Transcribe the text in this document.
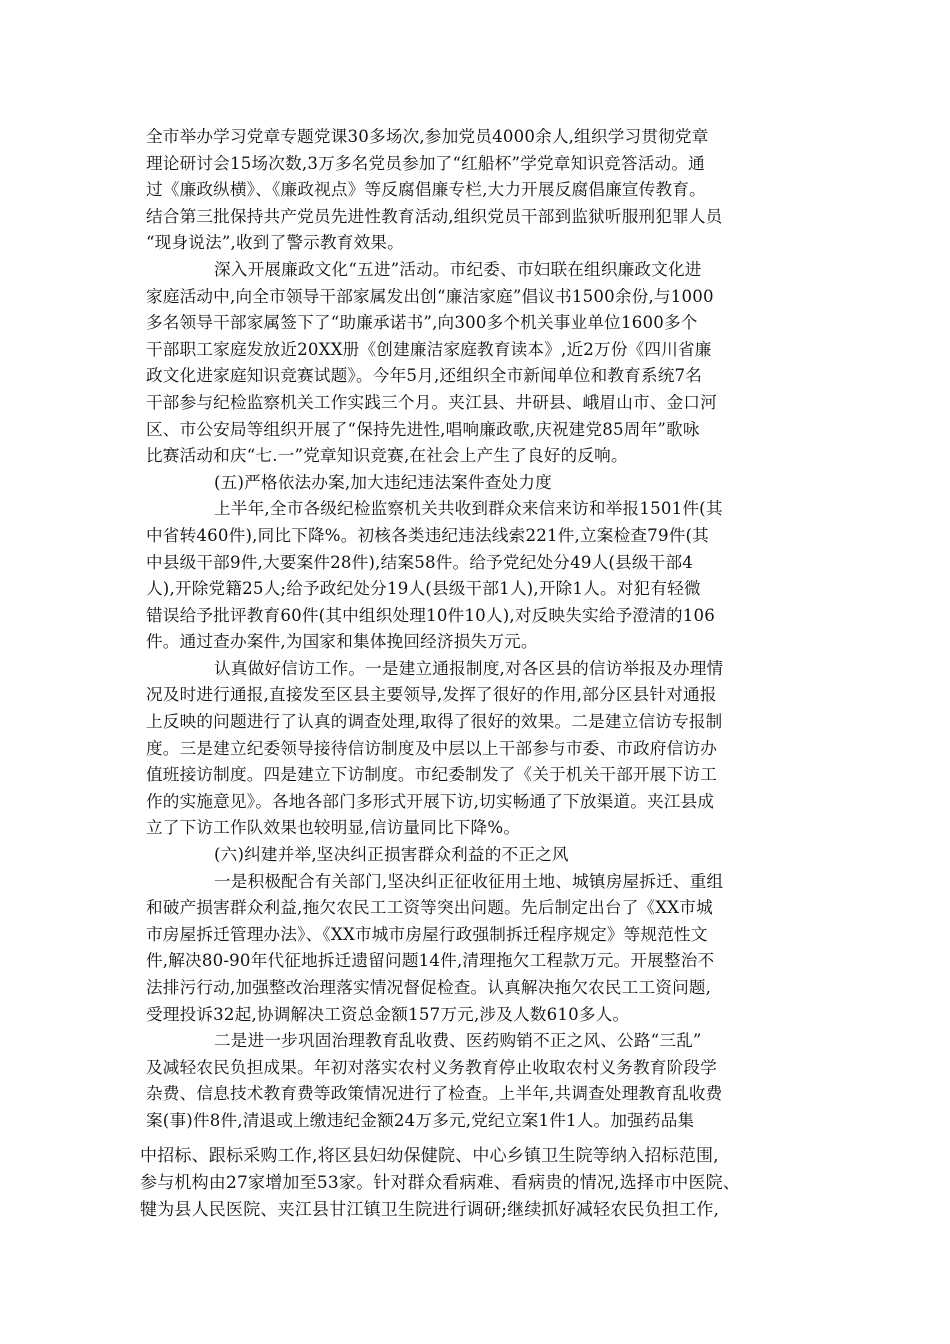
全市举办学习党章专题党课30多场次,参加党员4000余人,组织学习贯彻党章
理论研讨会15场次数,3万多名党员参加了“红船杯”学党章知识竞答活动。通
过《廉政纵横》、《廉政视点》等反腐倡廉专栏,大力开展反腐倡廉宣传教育。
结合第三批保持共产党员先进性教育活动,组织党员干部到监狱听服刑犯罪人员
“现身说法”,收到了警示教育效果。
深入开展廉政文化“五进”活动。市纪委、市妇联在组织廉政文化进
家庭活动中,向全市领导干部家属发出创“廉洁家庭”倡议书1500余份,与1000
多名领导干部家属签下了“助廉承诺书”,向300多个机关事业单位1600多个
干部职工家庭发放近20XX册《创建廉洁家庭教育读本》,近2万份《四川省廉
政文化进家庭知识竞赛试题》。今年5月,还组织全市新闻单位和教育系统7名
干部参与纪检监察机关工作实践三个月。夹江县、井研县、峨眉山市、金口河
区、市公安局等组织开展了“保持先进性,唱响廉政歌,庆祝建党85周年”歌咏
比赛活动和庆“七.一”党章知识竞赛,在社会上产生了良好的反响。
(五)严格依法办案,加大违纪违法案件查处力度
上半年,全市各级纪检监察机关共收到群众来信来访和举报1501件(其
中省转460件),同比下降%。初核各类违纪违法线索221件,立案检查79件(其
中县级干部9件,大要案件28件),结案58件。给予党纪处分49人(县级干部4
人),开除党籍25人;给予政纪处分19人(县级干部1人),开除1人。对犯有轻微
错误给予批评教育60件(其中组织处理10件10人),对反映失实给予澄清的106
件。通过查办案件,为国家和集体挽回经济损失万元。
认真做好信访工作。一是建立通报制度,对各区县的信访举报及办理情
况及时进行通报,直接发至区县主要领导,发挥了很好的作用,部分区县针对通报
上反映的问题进行了认真的调查处理,取得了很好的效果。二是建立信访专报制
度。三是建立纪委领导接待信访制度及中层以上干部参与市委、市政府信访办
值班接访制度。四是建立下访制度。市纪委制发了《关于机关干部开展下访工
作的实施意见》。各地各部门多形式开展下访,切实畅通了下放渠道。夹江县成
立了下访工作队效果也较明显,信访量同比下降%。
(六)纠建并举,坚决纠正损害群众利益的不正之风
一是积极配合有关部门,坚决纠正征收征用土地、城镇房屋拆迁、重组
和破产损害群众利益,拖欠农民工工资等突出问题。先后制定出台了《XX市城
市房屋拆迁管理办法》、《XX市城市房屋行政强制拆迁程序规定》等规范性文
件,解决80-90年代征地拆迁遗留问题14件,清理拖欠工程款万元。开展整治不
法排污行动,加强整改治理落实情况督促检查。认真解决拖欠农民工工资问题,
受理投诉32起,协调解决工资总金额157万元,涉及人数610多人。
二是进一步巩固治理教育乱收费、医药购销不正之风、公路“三乱”
及减轻农民负担成果。年初对落实农村义务教育停止收取农村义务教育阶段学
杂费、信息技术教育费等政策情况进行了检查。上半年,共调查处理教育乱收费
案(事)件8件,清退或上缴违纪金额24万多元,党纪立案1件1人。加强药品集
中招标、跟标采购工作,将区县妇幼保健院、中心乡镇卫生院等纳入招标范围,
参与机构由27家增加至53家。针对群众看病难、看病贵的情况,选择市中医院、
犍为县人民医院、夹江县甘江镇卫生院进行调研;继续抓好减轻农民负担工作,
